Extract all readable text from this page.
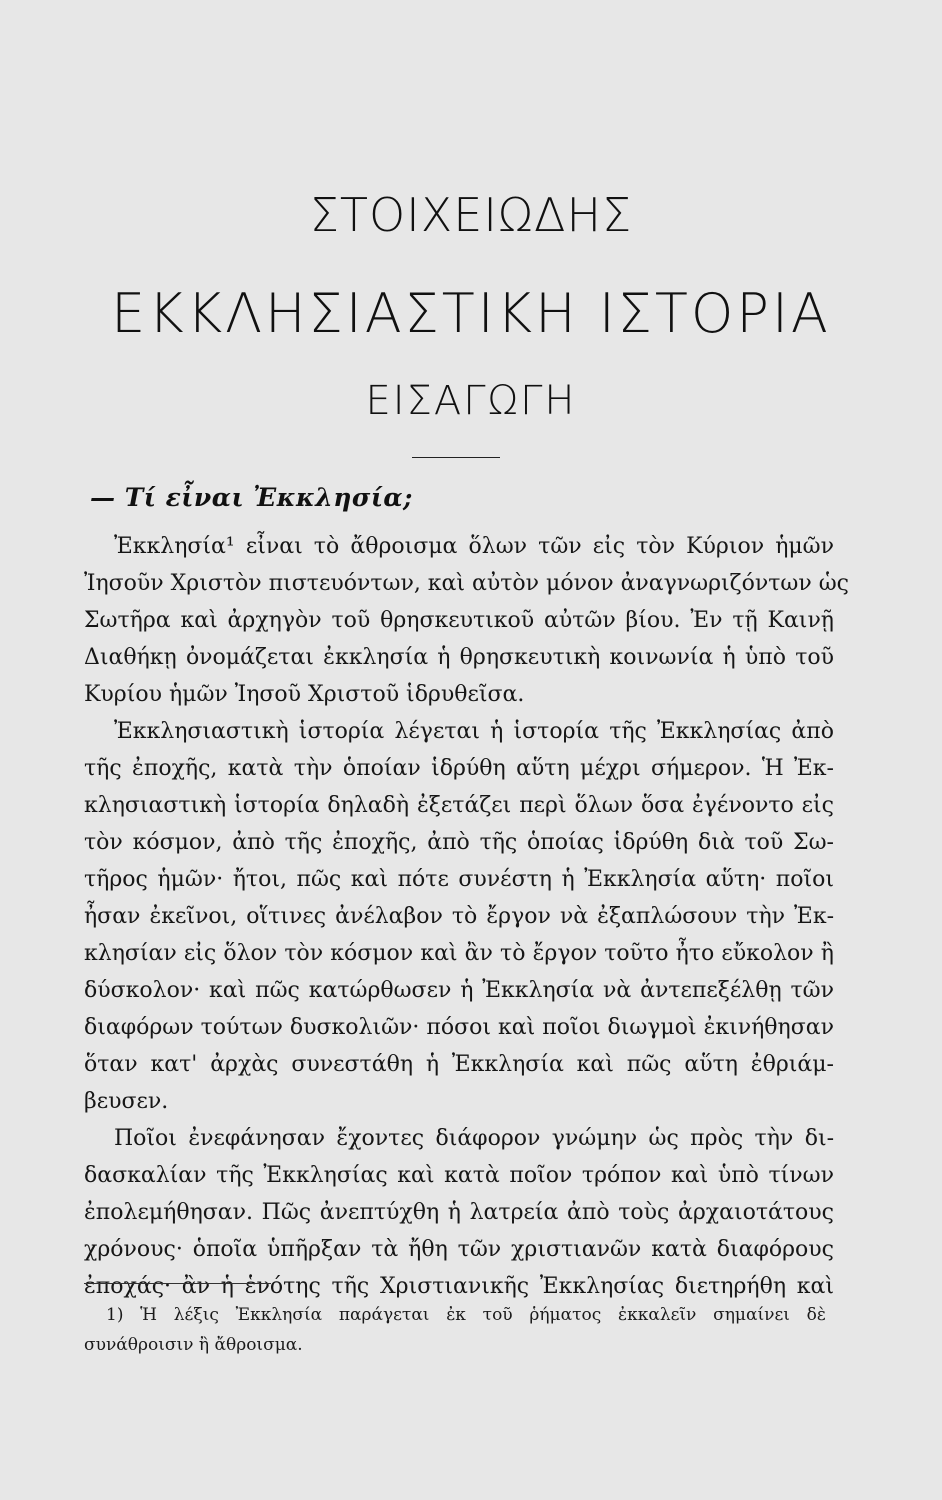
ΣΤΟΙΧΕΙΩΔΗΣ
ΕΚΚΛΗΣΙΑΣΤΙΚΗ ΙΣΤΟΡΙΑ
ΕΙΣΑΓΩΓΗ
— Τί εἶναι Ἐκκλησία;
Ἐκκλησία¹ εἶναι τὸ ἄθροισμα ὅλων τῶν εἰς τὸν Κύριον ἡμῶν
Ἰησοῦν Χριστὸν πιστευόντων, καὶ αὐτὸν μόνον ἀναγνωριζόντων ὡς
Σωτῆρα καὶ ἀρχηγὸν τοῦ θρησκευτικοῦ αὐτῶν βίου. Ἐν τῇ Καινῇ
Διαθήκῃ ὀνομάζεται ἐκκλησία ἡ θρησκευτικὴ κοινωνία ἡ ὑπὸ τοῦ
Κυρίου ἡμῶν Ἰησοῦ Χριστοῦ ἱδρυθεῖσα.
Ἐκκλησιαστικὴ ἱστορία λέγεται ἡ ἱστορία τῆς Ἐκκλησίας ἀπὸ
τῆς ἐποχῆς, κατὰ τὴν ὁποίαν ἱδρύθη αὕτη μέχρι σήμερον. Ἡ Ἐκ-
κλησιαστικὴ ἱστορία δηλαδὴ ἐξετάζει περὶ ὅλων ὅσα ἐγένοντο εἰς
τὸν κόσμον, ἀπὸ τῆς ἐποχῆς, ἀπὸ τῆς ὁποίας ἱδρύθη διὰ τοῦ Σω-
τῆρος ἡμῶν· ἤτοι, πῶς καὶ πότε συνέστη ἡ Ἐκκλησία αὕτη· ποῖοι
ἦσαν ἐκεῖνοι, οἵτινες ἀνέλαβον τὸ ἔργον νὰ ἐξαπλώσουν τὴν Ἐκ-
κλησίαν εἰς ὅλον τὸν κόσμον καὶ ἂν τὸ ἔργον τοῦτο ἦτο εὔκολον ἢ
δύσκολον· καὶ πῶς κατώρθωσεν ἡ Ἐκκλησία νὰ ἀντεπεξέλθῃ τῶν
διαφόρων τούτων δυσκολιῶν· πόσοι καὶ ποῖοι διωγμοὶ ἐκινήθησαν
ὅταν κατ' ἀρχὰς συνεστάθη ἡ Ἐκκλησία καὶ πῶς αὕτη ἐθριάμ-
βευσεν.
Ποῖοι ἐνεφάνησαν ἔχοντες διάφορον γνώμην ὡς πρὸς τὴν δι-
δασκαλίαν τῆς Ἐκκλησίας καὶ κατὰ ποῖον τρόπον καὶ ὑπὸ τίνων
ἐπολεμήθησαν. Πῶς ἀνεπτύχθη ἡ λατρεία ἀπὸ τοὺς ἀρχαιοτάτους
χρόνους· ὁποῖα ὑπῆρξαν τὰ ἤθη τῶν χριστιανῶν κατὰ διαφόρους
ἐποχάς· ἂν ἡ ἑνότης τῆς Χριστιανικῆς Ἐκκλησίας διετηρήθη καὶ
1) Ἡ λέξις Ἐκκλησία παράγεται ἐκ τοῦ ῥήματος ἐκκαλεῖν σημαίνει δὲ
συνάθροισιν ἢ ἄθροισμα.
